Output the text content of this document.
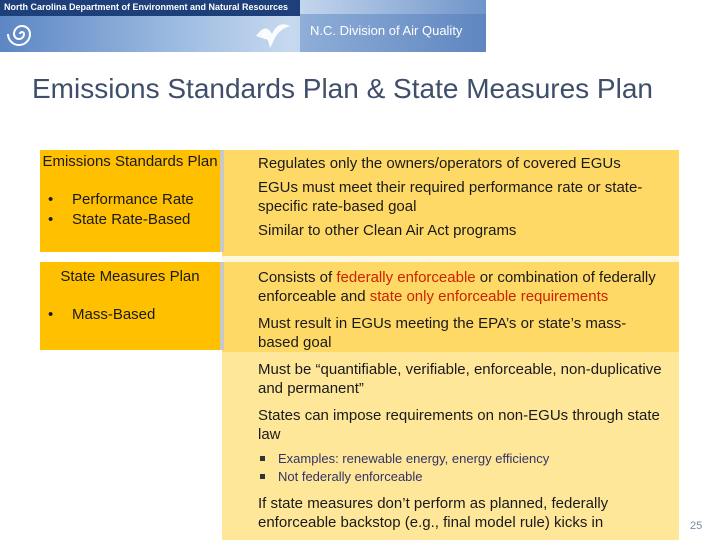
North Carolina Department of Environment and Natural Resources
N.C. Division of Air Quality
Emissions Standards Plan & State Measures Plan
Emissions Standards Plan
• Performance Rate
• State Rate-Based
State Measures Plan
• Mass-Based
Regulates only the owners/operators of covered EGUs
EGUs must meet their required performance rate or state-specific rate-based goal
Similar to other Clean Air Act programs
Consists of federally enforceable or combination of federally enforceable and state only enforceable requirements
Must result in EGUs meeting the EPA’s or state’s mass-based goal
Must be “quantifiable, verifiable, enforceable, non-duplicative and permanent”
States can impose requirements on non-EGUs through state law
Examples: renewable energy, energy efficiency
Not federally enforceable
If state measures don’t perform as planned, federally enforceable backstop (e.g., final model rule) kicks in	25
